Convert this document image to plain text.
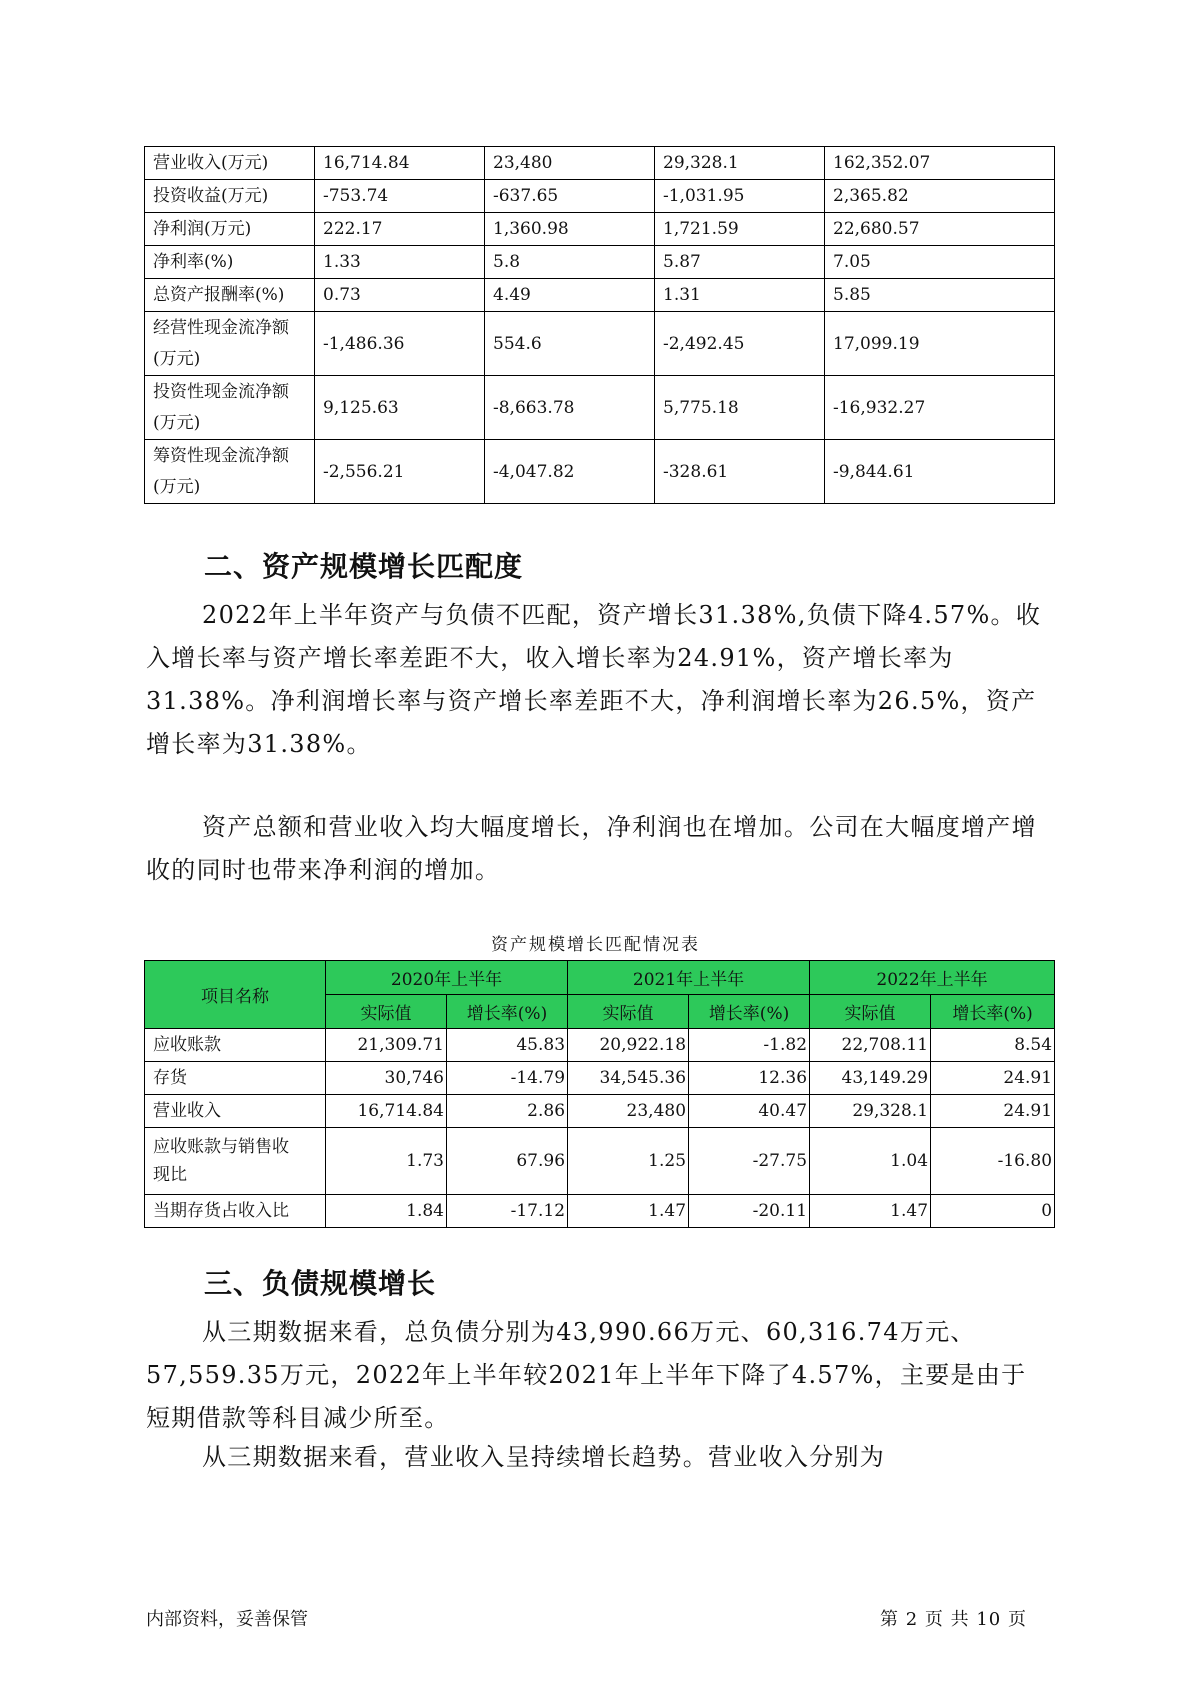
营业收入(万元)	16,714.84	23,480	29,328.1	162,352.07
投资收益(万元)	-753.74	-637.65	-1,031.95	2,365.82
净利润(万元)	222.17	1,360.98	1,721.59	22,680.57
净利率(%)	1.33	5.8	5.87	7.05
总资产报酬率(%)	0.73	4.49	1.31	5.85
经营性现金流净额
(万元)	-1,486.36	554.6	-2,492.45	17,099.19
投资性现金流净额
(万元)	9,125.63	-8,663.78	5,775.18	-16,932.27
筹资性现金流净额
(万元)	-2,556.21	-4,047.82	-328.61	-9,844.61
二、资产规模增长匹配度

2022年上半年资产与负债不匹配，资产增长31.38%,负债下降4.57%。收入增长率与资产增长率差距不大，收入增长率为24.91%，资产增长率为31.38%。净利润增长率与资产增长率差距不大，净利润增长率为26.5%，资产增长率为31.38%。

资产总额和营业收入均大幅度增长，净利润也在增加。公司在大幅度增产增收的同时也带来净利润的增加。

资产规模增长匹配情况表
项目名称	2020年上半年		2021年上半年		2022年上半年	
	实际值	增长率(%)	实际值	增长率(%)	实际值	增长率(%)
应收账款	21,309.71	45.83	20,922.18	-1.82	22,708.11	8.54
存货	30,746	-14.79	34,545.36	12.36	43,149.29	24.91
营业收入	16,714.84	2.86	23,480	40.47	29,328.1	24.91
应收账款与销售收
现比	1.73	67.96	1.25	-27.75	1.04	-16.80
当期存货占收入比	1.84	-17.12	1.47	-20.11	1.47	0
三、负债规模增长

从三期数据来看，总负债分别为43,990.66万元、60,316.74万元、57,559.35万元，2022年上半年较2021年上半年下降了4.57%，主要是由于短期借款等科目减少所至。

从三期数据来看，营业收入呈持续增长趋势。营业收入分别为

内部资料，妥善保管	第 2 页 共 10 页
